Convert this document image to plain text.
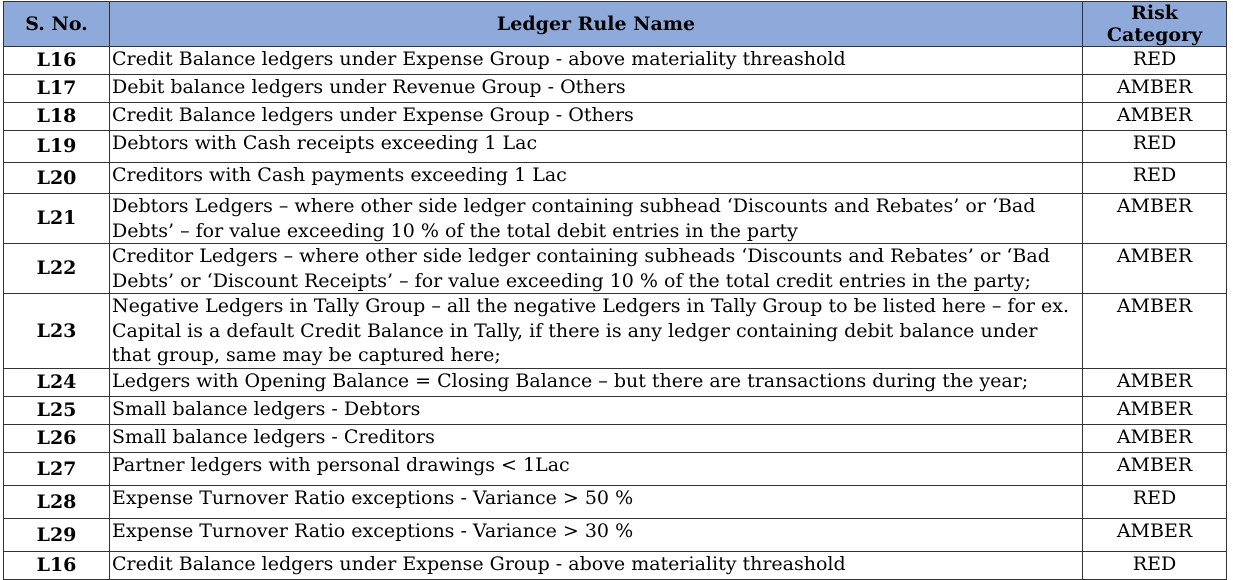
S. No.	Ledger Rule Name	Risk Category
L16	Credit Balance ledgers under Expense Group - above materiality threashold	RED
L17	Debit balance ledgers under Revenue Group - Others	AMBER
L18	Credit Balance ledgers under Expense Group - Others	AMBER
L19	Debtors with Cash receipts exceeding 1 Lac	RED
L20	Creditors with Cash payments exceeding 1 Lac	RED
L21	Debtors Ledgers – where other side ledger containing subhead ‘Discounts and Rebates’ or ‘Bad Debts’ – for value exceeding 10 % of the total debit entries in the party	AMBER
L22	Creditor Ledgers – where other side ledger containing subheads ‘Discounts and Rebates’ or ‘Bad Debts’ or ‘Discount Receipts’ – for value exceeding 10 % of the total credit entries in the party;	AMBER
L23	Negative Ledgers in Tally Group – all the negative Ledgers in Tally Group to be listed here – for ex. Capital is a default Credit Balance in Tally, if there is any ledger containing debit balance under that group, same may be captured here;	AMBER
L24	Ledgers with Opening Balance = Closing Balance – but there are transactions during the year;	AMBER
L25	Small balance ledgers - Debtors	AMBER
L26	Small balance ledgers - Creditors	AMBER
L27	Partner ledgers with personal drawings < 1Lac	AMBER
L28	Expense Turnover Ratio exceptions - Variance > 50 %	RED
L29	Expense Turnover Ratio exceptions - Variance > 30 %	AMBER
L16	Credit Balance ledgers under Expense Group - above materiality threashold	RED
